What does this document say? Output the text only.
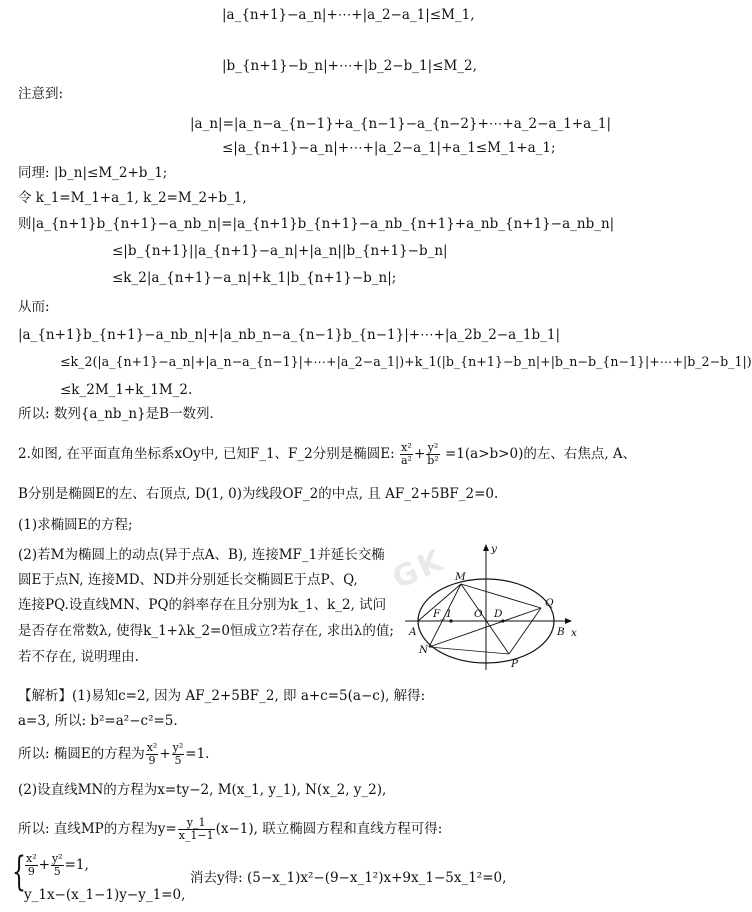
|a_{n+1}−a_n|+⋯+|a_2−a_1|≤M_1,
|b_{n+1}−b_n|+⋯+|b_2−b_1|≤M_2,
注意到:
|a_n|=|a_n−a_{n−1}+a_{n−1}−a_{n−2}+⋯+a_2−a_1+a_1|
≤|a_{n+1}−a_n|+⋯+|a_2−a_1|+a_1≤M_1+a_1;
同理: |b_n|≤M_2+b_1;
令 k_1=M_1+a_1, k_2=M_2+b_1,
则|a_{n+1}b_{n+1}−a_nb_n|=|a_{n+1}b_{n+1}−a_nb_{n+1}+a_nb_{n+1}−a_nb_n|
≤|b_{n+1}||a_{n+1}−a_n|+|a_n||b_{n+1}−b_n|
≤k_2|a_{n+1}−a_n|+k_1|b_{n+1}−b_n|;
从而:
|a_{n+1}b_{n+1}−a_nb_n|+|a_nb_n−a_{n−1}b_{n−1}|+⋯+|a_2b_2−a_1b_1|
≤k_2(|a_{n+1}−a_n|+|a_n−a_{n−1}|+⋯+|a_2−a_1|)+k_1(|b_{n+1}−b_n|+|b_n−b_{n−1}|+⋯+|b_2−b_1|)
≤k_2M_1+k_1M_2.
所以: 数列{a_nb_n}是B一数列.
2.如图, 在平面直角坐标系xOy中, 已知F_1、F_2分别是椭圆E: $\frac{\text{x²}}{\text{a²}} + \frac{\text{y²}}{\text{b²}} =1(a>b>0)$的左、右焦点, A、
B分别是椭圆E的左、右顶点, D(1, 0)为线段OF_2的中点, 且 AF_2+5BF_2=0.
(1)求椭圆E的方程;
(2)若M为椭圆上的动点(异于点A、B), 连接MF_1并延长交椭
圆E于点N, 连接MD、ND并分别延长交椭圆E于点P、Q,
连接PQ.设直线MN、PQ的斜率存在且分别为k_1、k_2, 试问
是否存在常数λ, 使得k_1+λk_2=0恒成立?若存在, 求出λ的值;
若不存在, 说明理由.
GK	y
x
M
F_1 O D
Q
A	B
N
P
【解析】(1)易知c=2, 因为 AF_2+5BF_2, 即 a+c=5(a−c), 解得:
a=3, 所以: b²=a²−c²=5.
所以: 椭圆E的方程为 $\frac{\text{x²}}{9} + \frac{\text{y²}}{5} =1$.
(2)设直线MN的方程为x=ty−2, M(x_1, y_1), N(x_2, y_2),
所以: 直线MP的方程为$y= \frac{y\_1}{x\_1-1} (x-1)$, 联立椭圆方程和直线方程可得:
{ $\frac{\text{x²}}{9} + \frac{\text{y²}}{5} =1$,
y_1x−(x_1−1)y−y_1=0,
消去y得: (5−x_1)x²−(9−x_1²)x+9x_1−5x_1²=0,
